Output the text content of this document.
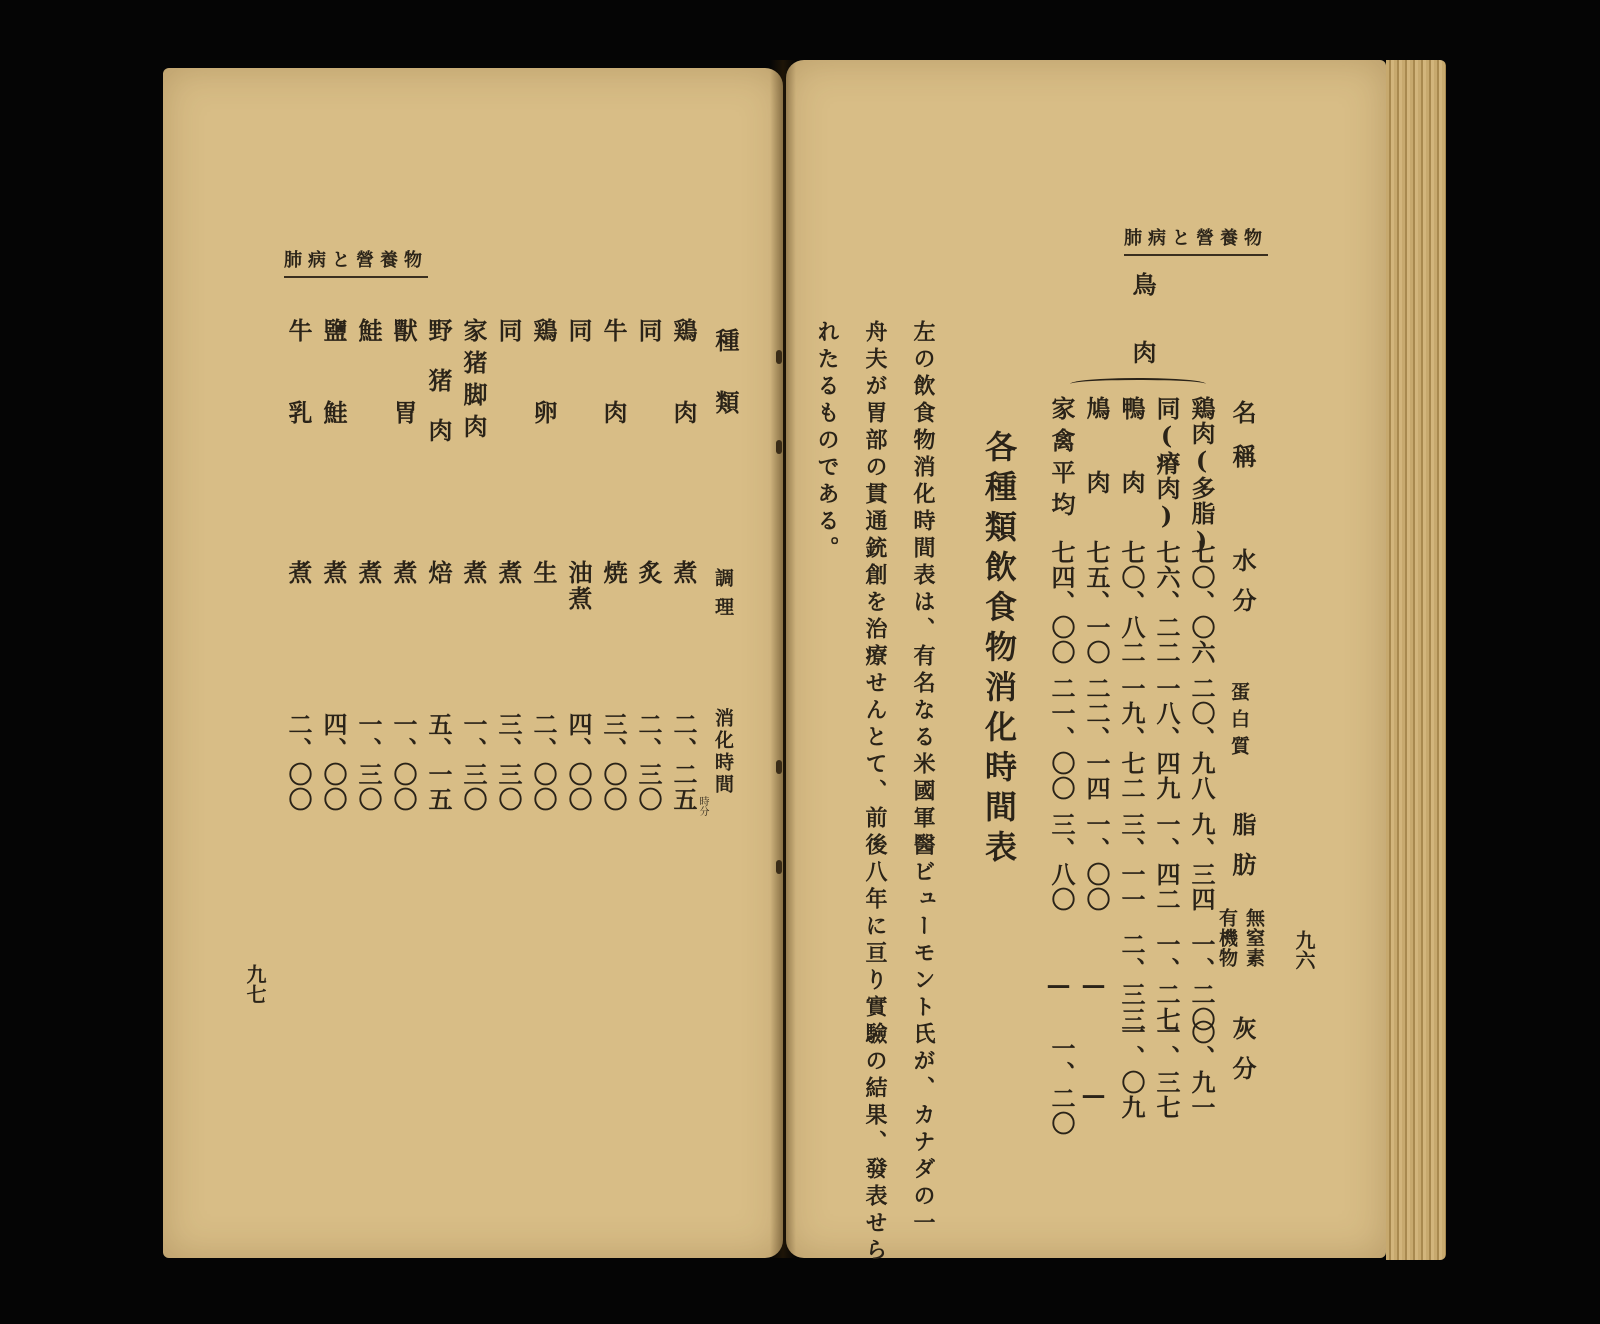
肺病と營養物
九七
種類
調理
消化時間
時分
鶏肉
煮
二、二五
同
炙
二、三〇
牛肉
焼
三、〇〇
同
油煮
四、〇〇
鶏卵
生
二、〇〇
同
煮
三、三〇
家猪脚肉
煮
一、三〇
野猪肉
焙
五、一五
獸胃
煮
一、〇〇
鮭
煮
一、三〇
鹽鮭
煮
四、〇〇
牛乳
煮
二、〇〇
肺病と營養物
九六
鳥肉
名稱
水分
蛋白質
脂肪
無窒素有機物
灰分
鶏肉(多脂)
七〇、〇六
二〇、九八
九、三四
一、二〇
〇、九一
同(瘠肉)
七六、二二
一八、四九
一、四二
一、二七
一、三七
鴨肉
七〇、八二
一九、七二
三、一一
二、三三
一、〇九
鳩肉
七五、一〇
二二、一四
一、〇〇
—
—
家禽平均
七四、〇〇
二一、〇〇
三、八〇
—
一、二〇
各種類飲食物消化時間表
左の飲食物消化時間表は、有名なる米國軍醫ビューモント氏が、カナダの一
舟夫が胃部の貫通銃創を治療せんとて、前後八年に亘り實驗の結果、發表せら
れたるものである。
